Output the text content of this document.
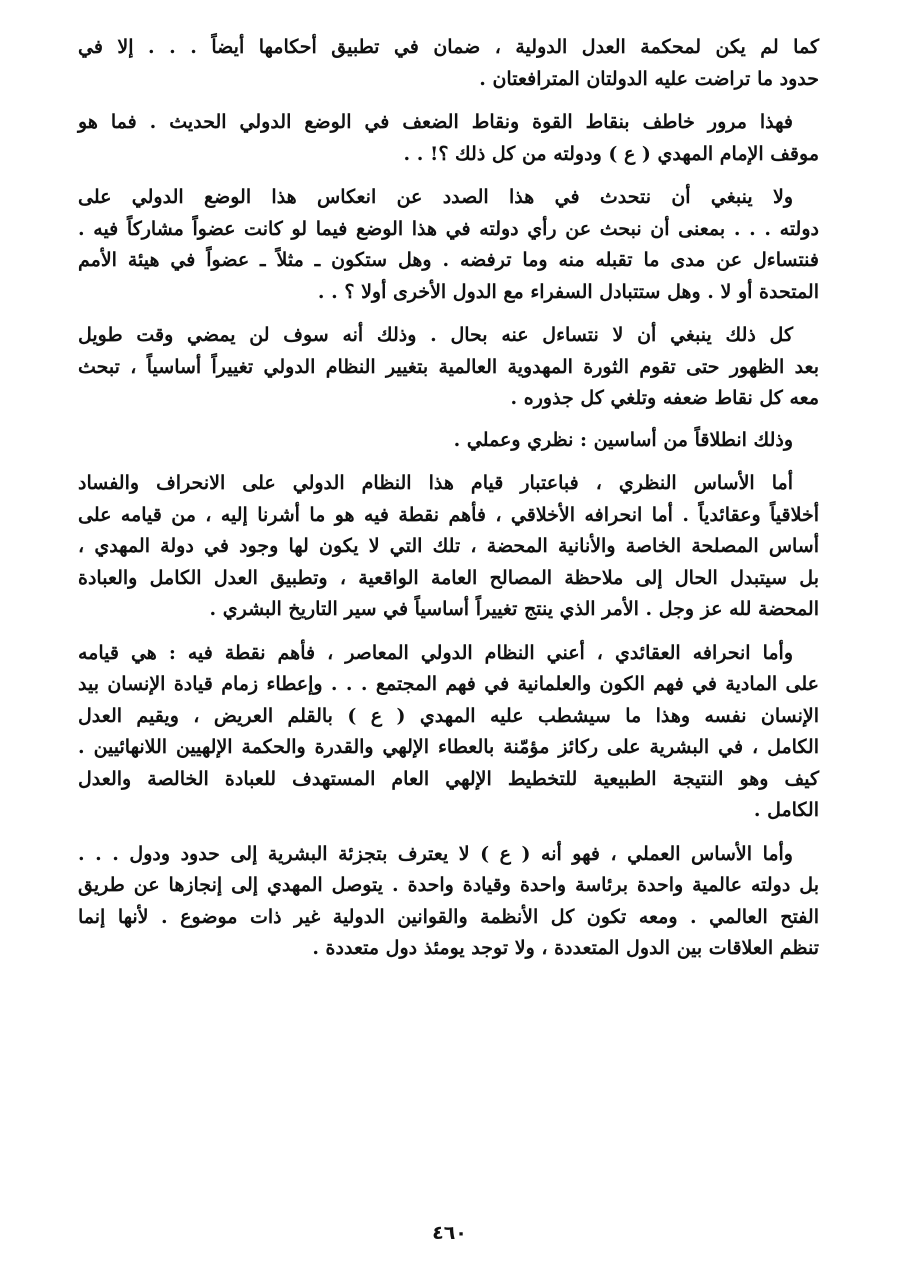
كما لم يكن لمحكمة العدل الدولية ، ضمان في تطبيق أحكامها أيضاً . . . إلا في
حدود ما تراضت عليه الدولتان المترافعتان .
فهذا مرور خاطف بنقاط القوة ونقاط الضعف في الوضع الدولي الحديث . فما هو
موقف الإمام المهدي ( ع ) ودولته من كل ذلك ؟! . .
ولا ينبغي أن نتحدث في هذا الصدد عن انعكاس هذا الوضع الدولي على
دولته . . . بمعنى أن نبحث عن رأي دولته في هذا الوضع فيما لو كانت عضواً مشاركاً فيه .
فنتساءل عن مدى ما تقبله منه وما ترفضه . وهل ستكون ـ مثلاً ـ عضواً في هيئة الأمم
المتحدة أو لا . وهل ستتبادل السفراء مع الدول الأخرى أولا ؟ . .
كل ذلك ينبغي أن لا نتساءل عنه بحال . وذلك أنه سوف لن يمضي وقت طويل
بعد الظهور حتى تقوم الثورة المهدوية العالمية بتغيير النظام الدولي تغييراً أساسياً ، تبحث
معه كل نقاط ضعفه وتلغي كل جذوره .
وذلك انطلاقاً من أساسين : نظري وعملي .
أما الأساس النظري ، فباعتبار قيام هذا النظام الدولي على الانحراف والفساد
أخلاقياً وعقائدياً . أما انحرافه الأخلاقي ، فأهم نقطة فيه هو ما أشرنا إليه ، من قيامه على
أساس المصلحة الخاصة والأنانية المحضة ، تلك التي لا يكون لها وجود في دولة المهدي ،
بل سيتبدل الحال إلى ملاحظة المصالح العامة الواقعية ، وتطبيق العدل الكامل والعبادة
المحضة لله عز وجل . الأمر الذي ينتج تغييراً أساسياً في سير التاريخ البشري .
وأما انحرافه العقائدي ، أعني النظام الدولي المعاصر ، فأهم نقطة فيه : هي قيامه
على المادية في فهم الكون والعلمانية في فهم المجتمع . . . وإعطاء زمام قيادة الإنسان بيد
الإنسان نفسه وهذا ما سيشطب عليه المهدي ( ع ) بالقلم العريض ، ويقيم العدل
الكامل ، في البشرية على ركائز مؤمّنة بالعطاء الإلهي والقدرة والحكمة الإلهيين اللانهائيين .
كيف وهو النتيجة الطبيعية للتخطيط الإلهي العام المستهدف للعبادة الخالصة والعدل
الكامل .
وأما الأساس العملي ، فهو أنه ( ع ) لا يعترف بتجزئة البشرية إلى حدود ودول . . .
بل دولته عالمية واحدة برئاسة واحدة وقيادة واحدة . يتوصل المهدي إلى إنجازها عن طريق
الفتح العالمي . ومعه تكون كل الأنظمة والقوانين الدولية غير ذات موضوع . لأنها إنما
تنظم العلاقات بين الدول المتعددة ، ولا توجد يومئذ دول متعددة .
٤٦٠
